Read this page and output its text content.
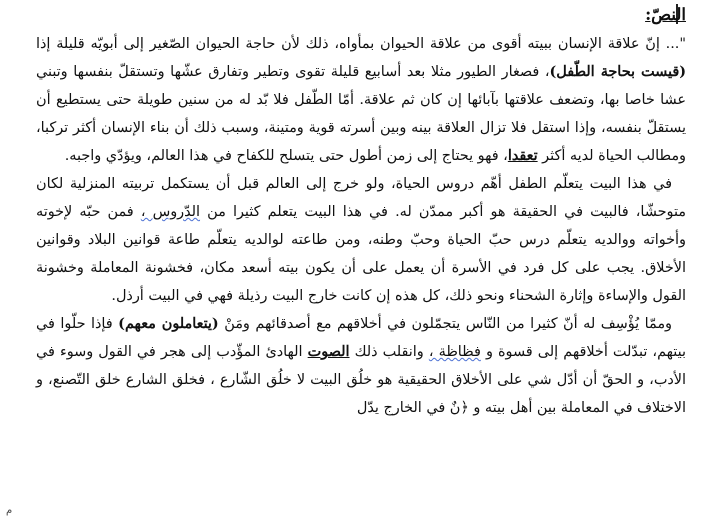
النصّ:

"... إنّ علاقة الإنسان ببيته أقوى من علاقة الحيوان بمأواه، ذلك لأن حاجة الحيوان الصّغير إلى أبويّه قليلة إذا (قيست بحاجة الطّفل)، فصغار الطيور مثلا بعد أسابيع قليلة تقوى وتطير وتفارق عشّها وتستقلّ بنفسها وتبني عشا خاصا بها، وتضعف علاقتها بآبائها إن كان ثم علاقة. أمّا الطّفل فلا بّد له من سنين طويلة حتى يستطيع أن يستقلّ بنفسه، وإذا استقل فلا تزال العلاقة بينه وبين أسرته قوية ومتينة، وسبب ذلك أن بناء الإنسان أكثر تركبا، ومطالب الحياة لديه أكثر تعقدا، فهو يحتاج إلى زمن أطول حتى يتسلح للكفاح في هذا العالم، ويؤدّي واجبه.

في هذا البيت يتعلّم الطفل أهّم دروس الحياة، ولو خرج إلى العالم قبل أن يستكمل تربيته المنزلية لكان متوحشّا، فالبيت في الحقيقة هو أكبر ممدّن له. في هذا البيت يتعلم كثيرا من الدّروس ، فمن حبّه لإخوته وأخواته ووالديه يتعلّم درس حبّ الحياة وحبّ وطنه، ومن طاعته لوالديه يتعلّم طاعة قوانين البلاد وقوانين الأخلاق. يجب على كل فرد في الأسرة أن يعمل على أن يكون بيته أسعد مكان، فخشونة المعاملة وخشونة القول والإساءة وإثارة الشحناء ونحو ذلك، كل هذه إن كانت خارج البيت رذيلة فهي في البيت أرذل.

وممّا يُؤْسِف له أنّ كثيرا من النّاس يتجمّلون في أخلاقهم مع أصدقائهم ومَنْ (يتعاملون معهم) فإذا حلّوا في بيتهم، تبدّلت أخلاقهم إلى قسوة و فظاظة ، وانقلب ذلك الصوت الهادئ المؤّدب إلى هجر في القول وسوء في الأدب، و الحقّ أن أدّل شي على الأخلاق الحقيقية هو خلُق البيت لا خلُق الشّارع ، فخلق الشارع خلق التّصنع، و الاختلاف في المعاملة بين أهل بيته و ﴿نٌ في الخارج يدّل

م
